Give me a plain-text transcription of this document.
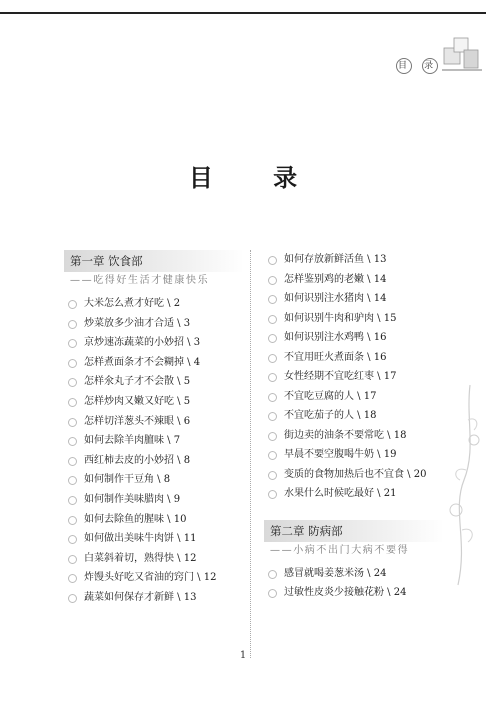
目 录
目 录
第一章 饮食部
——吃得好生活才健康快乐
大米怎么煮才好吃 \ 2
炒菜放多少油才合适 \ 3
京炒速冻蔬菜的小妙招 \ 3
怎样煮面条才不会糊掉 \ 4
怎样氽丸子才不会散 \ 5
怎样炒肉又嫩又好吃 \ 5
怎样切洋葱头不辣眼 \ 6
如何去除羊肉膻味 \ 7
西红柿去皮的小妙招 \ 8
如何制作干豆角 \ 8
如何制作美味腊肉 \ 9
如何去除鱼的腥味 \ 10
如何做出美味牛肉饼 \ 11
白菜斜着切，熟得快 \ 12
炸馒头好吃又省油的窍门 \ 12
蔬菜如何保存才新鲜 \ 13
如何存放新鲜活鱼 \ 13
怎样鉴别鸡的老嫩 \ 14
如何识别注水猪肉 \ 14
如何识别牛肉和驴肉 \ 15
如何识别注水鸡鸭 \ 16
不宜用旺火煮面条 \ 16
女性经期不宜吃红枣 \ 17
不宜吃豆腐的人 \ 17
不宜吃茄子的人 \ 18
街边卖的油条不要常吃 \ 18
早晨不要空腹喝牛奶 \ 19
变质的食物加热后也不宜食 \ 20
水果什么时候吃最好 \ 21
第二章 防病部
——小病不出门大病不要得
感冒就喝姜葱米汤 \ 24
过敏性皮炎少接触花粉 \ 24
1
